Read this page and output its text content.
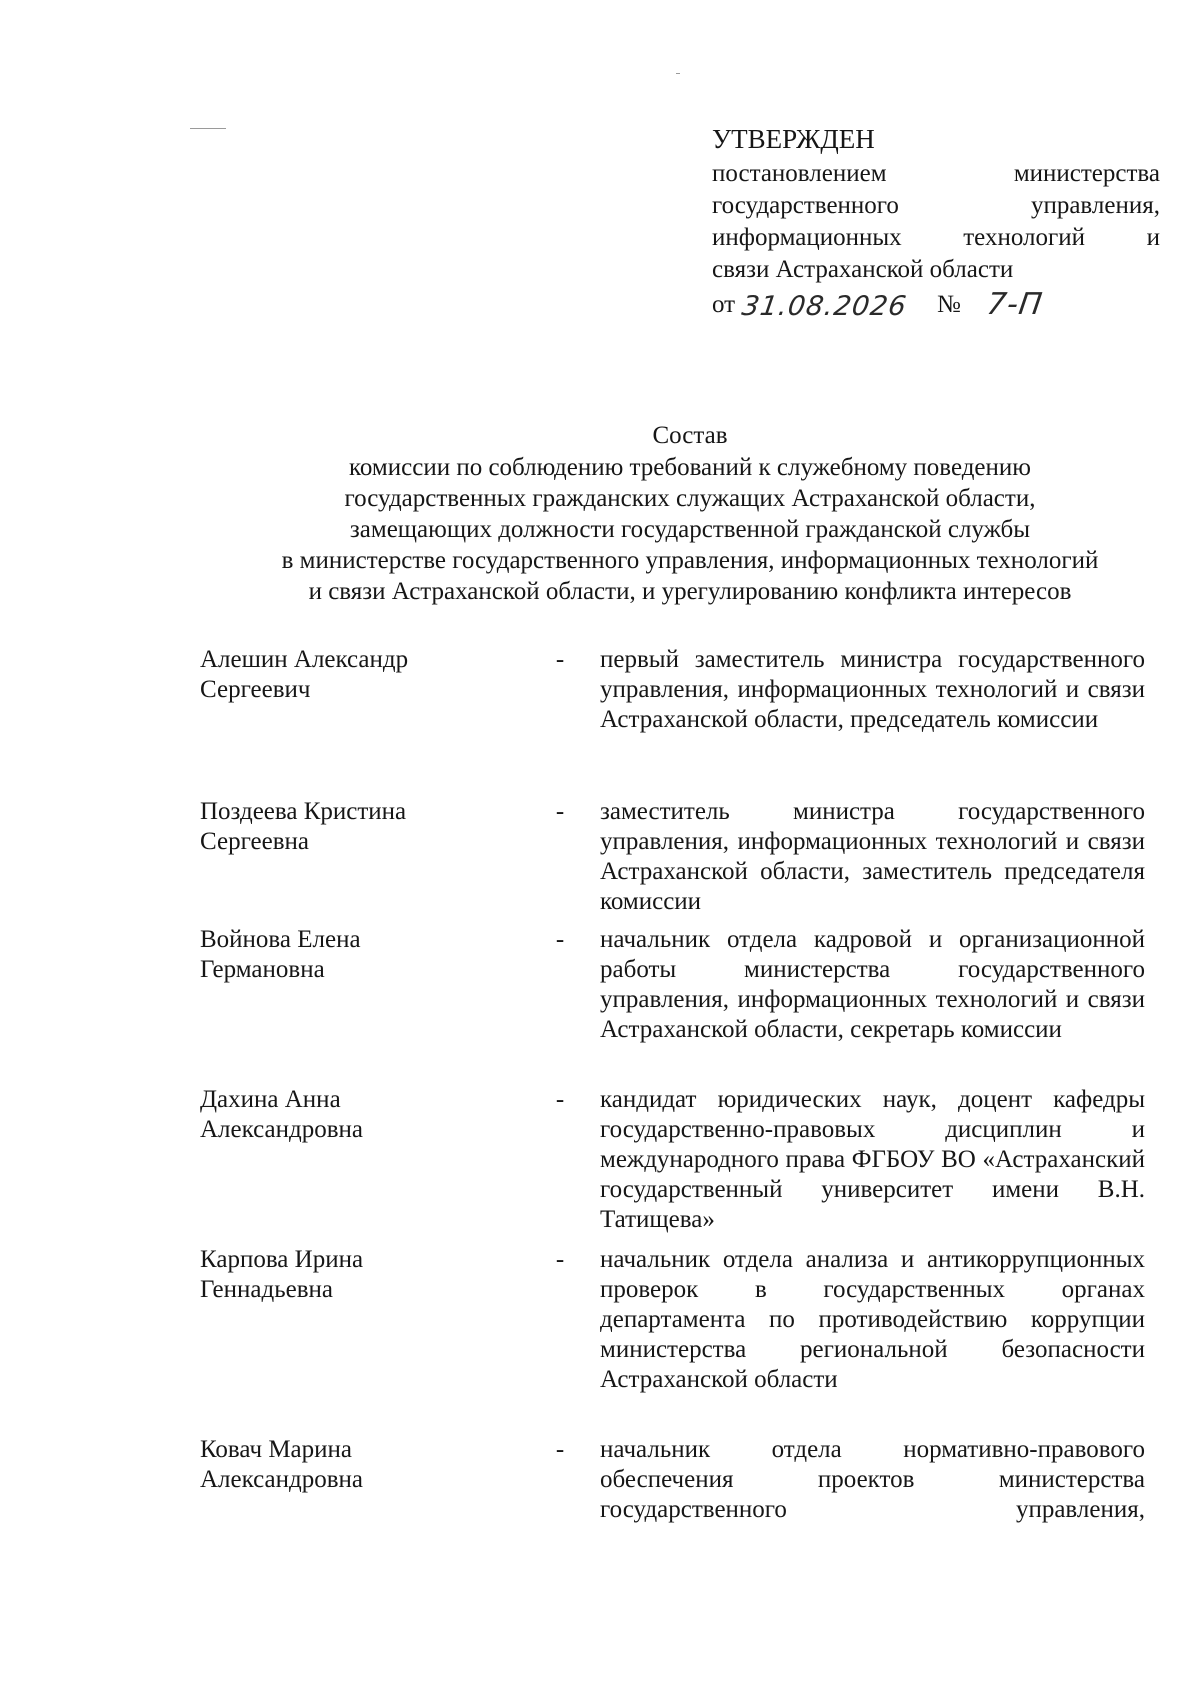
УТВЕРЖДЕН
постановлением министерства
государственного управления,
информационных технологий и
связи Астраханской области
от 31.08.2026 № 7-П
Состав
комиссии по соблюдению требований к служебному поведению
государственных гражданских служащих Астраханской области,
замещающих должности государственной гражданской службы
в министерстве государственного управления, информационных технологий
и связи Астраханской области, и урегулированию конфликта интересов
Алешин Александр
Сергеевич
-	первый заместитель министра государственного управления, информационных технологий и связи Астраханской области, председатель комиссии
Поздеева Кристина
Сергеевна
-	заместитель министра государственного управления, информационных технологий и связи Астраханской области, заместитель председателя комиссии
Войнова Елена
Германовна
-	начальник отдела кадровой и организационной работы министерства государственного управления, информационных технологий и связи Астраханской области, секретарь комиссии
Дахина Анна
Александровна
-	кандидат юридических наук, доцент кафедры государственно-правовых дисциплин и международного права ФГБОУ ВО «Астраханский государственный университет имени В.Н. Татищева»
Карпова Ирина
Геннадьевна
-	начальник отдела анализа и антикоррупционных проверок в государственных органах департамента по противодействию коррупции министерства региональной безопасности Астраханской области
Ковач Марина
Александровна
-	начальник отдела нормативно-правового обеспечения проектов министерства государственного управления,
